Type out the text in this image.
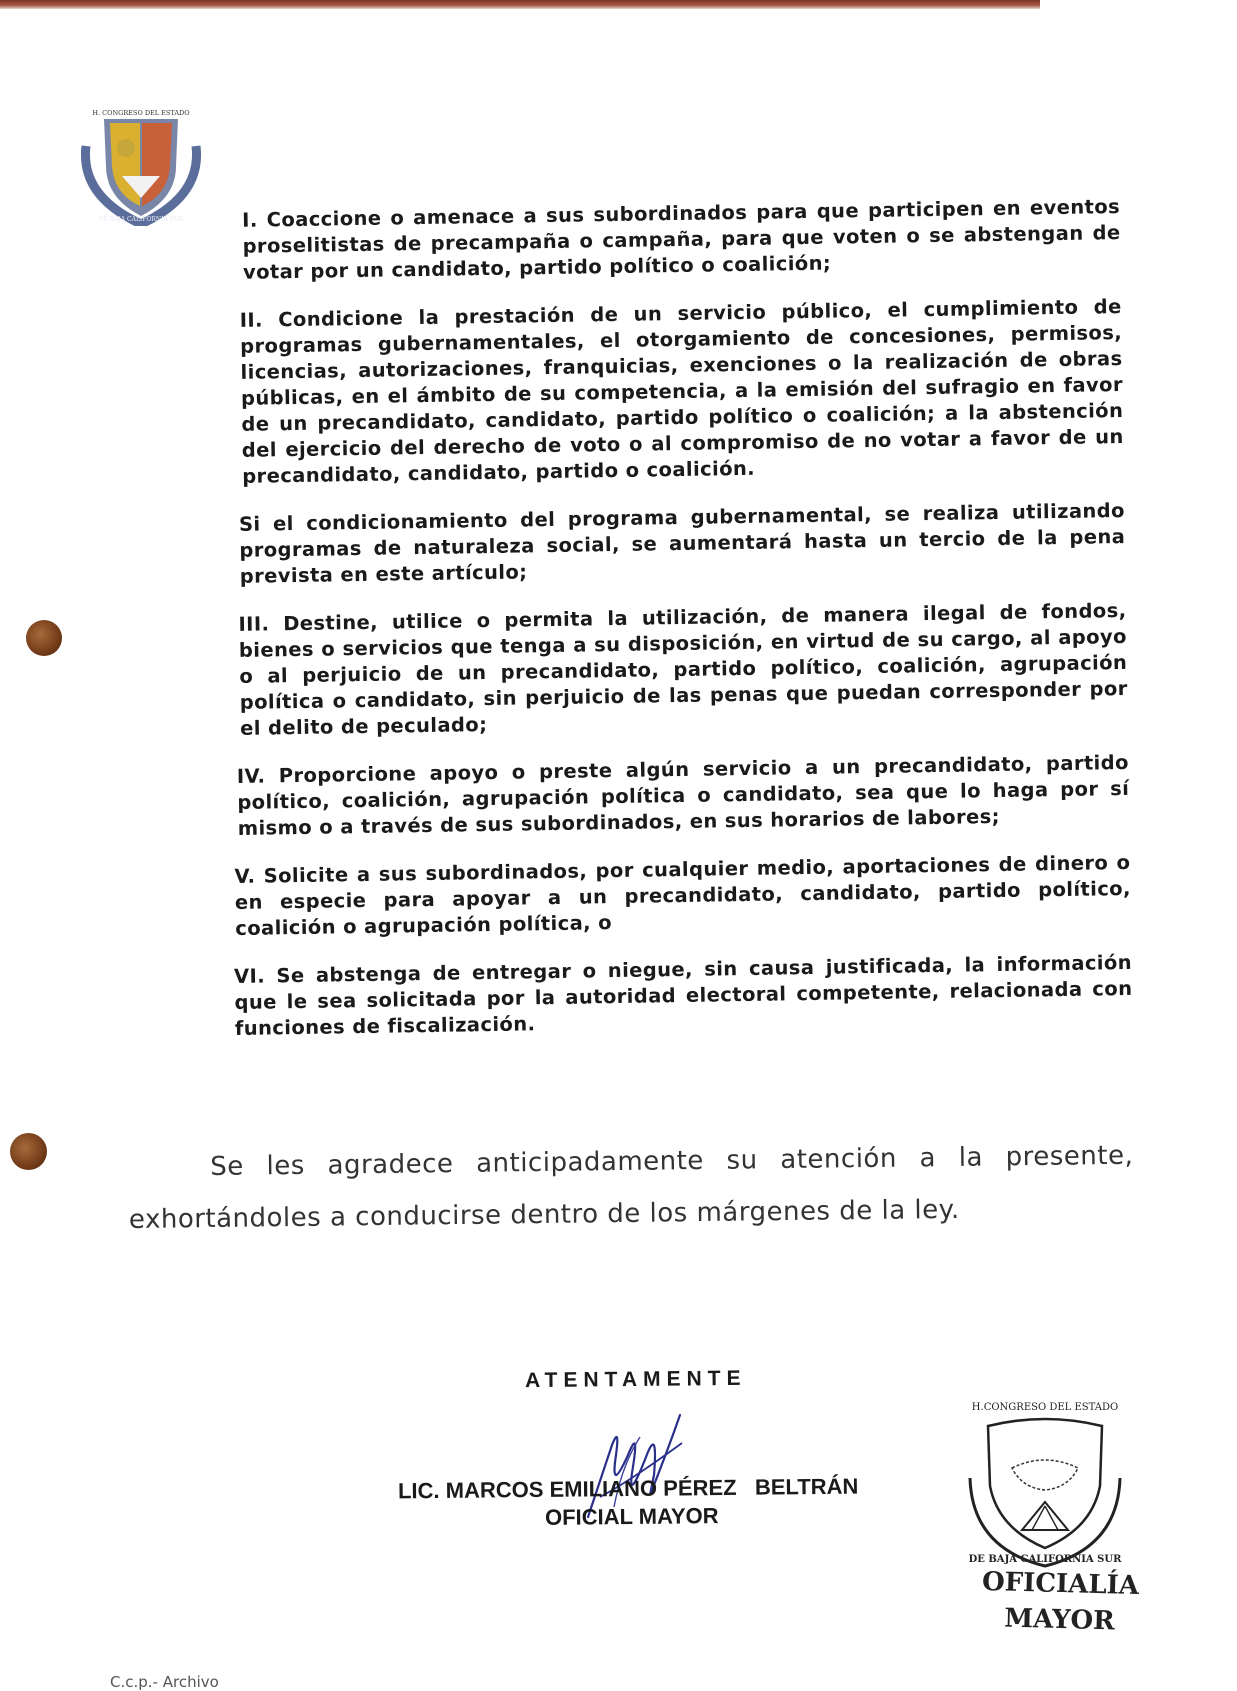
H. CONGRESO DEL ESTADO
DE BAJA CALIFORNIA SUR	I. Coaccione o amenace a sus subordinados para que participen en eventos proselitistas de precampaña o campaña, para que voten o se abstengan de votar por un candidato, partido político o coalición;

II. Condicione la prestación de un servicio público, el cumplimiento de programas gubernamentales, el otorgamiento de concesiones, permisos, licencias, autorizaciones, franquicias, exenciones o la realización de obras públicas, en el ámbito de su competencia, a la emisión del sufragio en favor de un precandidato, candidato, partido político o coalición; a la abstención del ejercicio del derecho de voto o al compromiso de no votar a favor de un precandidato, candidato, partido o coalición.

Si el condicionamiento del programa gubernamental, se realiza utilizando programas de naturaleza social, se aumentará hasta un tercio de la pena prevista en este artículo;

III. Destine, utilice o permita la utilización, de manera ilegal de fondos, bienes o servicios que tenga a su disposición, en virtud de su cargo, al apoyo o al perjuicio de un precandidato, partido político, coalición, agrupación política o candidato, sin perjuicio de las penas que puedan corresponder por el delito de peculado;

IV. Proporcione apoyo o preste algún servicio a un precandidato, partido político, coalición, agrupación política o candidato, sea que lo haga por sí mismo o a través de sus subordinados, en sus horarios de labores;

V. Solicite a sus subordinados, por cualquier medio, aportaciones de dinero o en especie para apoyar a un precandidato, candidato, partido político, coalición o agrupación política, o

VI. Se abstenga de entregar o niegue, sin causa justificada, la información que le sea solicitada por la autoridad electoral competente, relacionada con funciones de fiscalización.

Se les agradece anticipadamente su atención a la presente,
exhortándoles a conducirse dentro de los márgenes de la ley.
ATENTAMENTE
LIC. MARCOS EMILIANO PÉREZ   BELTRÁN
OFICIAL MAYOR
H.CONGRESO DEL ESTADO
DE BAJA CALIFORNIA SUR
OFICIALÍA
MAYOR
C.c.p.- Archivo
